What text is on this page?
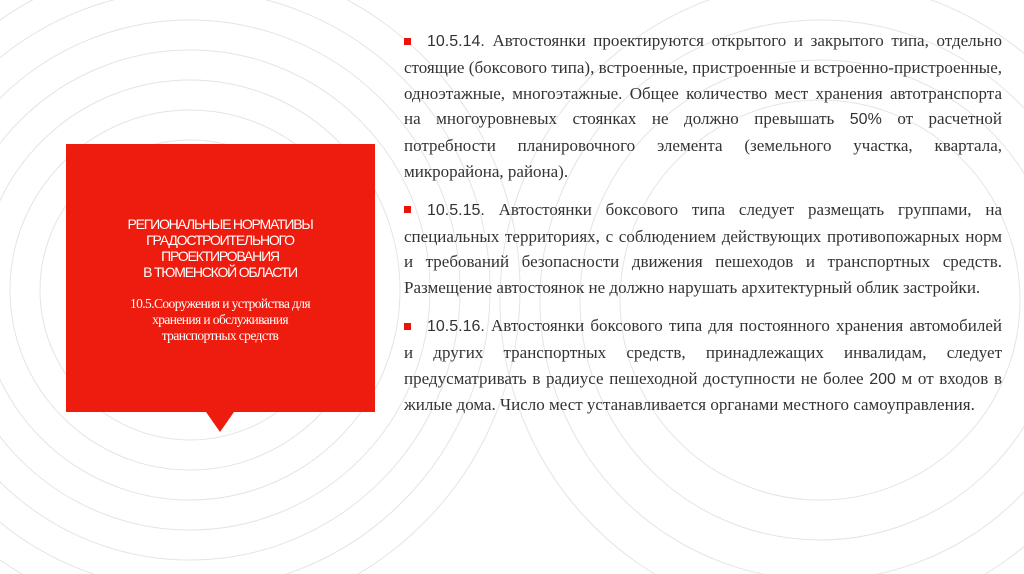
РЕГИОНАЛЬНЫЕ НОРМАТИВЫ
ГРАДОСТРОИТЕЛЬНОГО
ПРОЕКТИРОВАНИЯ
В ТЮМЕНСКОЙ ОБЛАСТИ
10.5.Сооружения и устройства для
хранения и обслуживания
транспортных средств

10.5.14. Автостоянки проектируются открытого и закрытого типа, отдельно стоящие (боксового типа), встроенные, пристроенные и встроенно-пристроенные, одноэтажные, многоэтажные. Общее количество мест хранения автотранспорта на многоуровневых стоянках не должно превышать 50% от расчетной потребности планировочного элемента (земельного участка, квартала, микрорайона, района).

10.5.15. Автостоянки боксового типа следует размещать группами, на специальных территориях, с соблюдением действующих противопожарных норм и требований безопасности движения пешеходов и транспортных средств. Размещение автостоянок не должно нарушать архитектурный облик застройки.

10.5.16. Автостоянки боксового типа для постоянного хранения автомобилей и других транспортных средств, принадлежащих инвалидам, следует предусматривать в радиусе пешеходной доступности не более 200 м от входов в жилые дома. Число мест устанавливается органами местного самоуправления.
